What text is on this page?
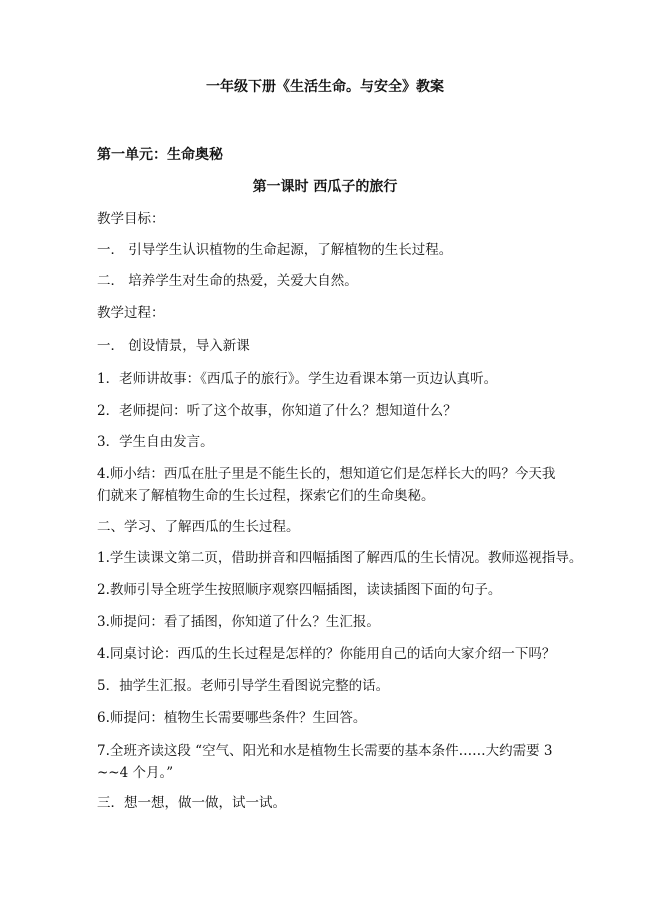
一年级下册《生活生命。与安全》教案
第一单元：生命奥秘
第一课时 西瓜子的旅行
教学目标：
一． 引导学生认识植物的生命起源，了解植物的生长过程。
二． 培养学生对生命的热爱，关爱大自然。
教学过程：
一． 创设情景，导入新课
1．老师讲故事：《西瓜子的旅行》。学生边看课本第一页边认真听。
2．老师提问：听了这个故事，你知道了什么？想知道什么？
3．学生自由发言。
4.师小结：西瓜在肚子里是不能生长的，想知道它们是怎样长大的吗？今天我们就来了解植物生命的生长过程，探索它们的生命奥秘。
二、学习、了解西瓜的生长过程。
1.学生读课文第二页，借助拼音和四幅插图了解西瓜的生长情况。教师巡视指导。
2.教师引导全班学生按照顺序观察四幅插图，读读插图下面的句子。
3.师提问：看了插图，你知道了什么？生汇报。
4.同桌讨论：西瓜的生长过程是怎样的？你能用自己的话向大家介绍一下吗？
5．抽学生汇报。老师引导学生看图说完整的话。
6.师提问：植物生长需要哪些条件？生回答。
7.全班齐读这段 “空气、阳光和水是植物生长需要的基本条件……大约需要 3~~4 个月。”
三．想一想，做一做，试一试。
